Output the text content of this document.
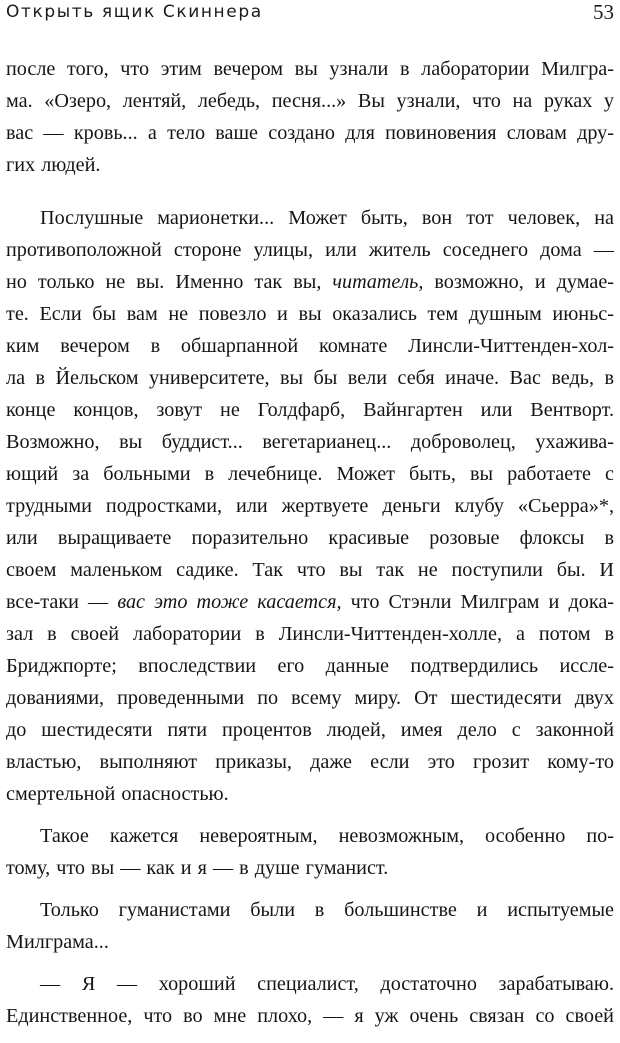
Открыть ящик Скиннера	53
после того, что этим вечером вы узнали в лаборатории Милгра-
ма. «Озеро, лентяй, лебедь, песня...» Вы узнали, что на руках у
вас — кровь... а тело ваше создано для повиновения словам дру-
гих людей.
Послушные марионетки... Может быть, вон тот человек, на
противоположной стороне улицы, или житель соседнего дома —
но только не вы. Именно так вы, чumameль, возможно, и думае-
те. Если бы вам не повезло и вы оказались тем душным июньс-
ким вечером в обшарпанной комнате Линсли-Читтенден-хол-
ла в Йельском университете, вы бы вели себя иначе. Вас ведь, в
конце концов, зовут не Голдфарб, Вайнгартен или Вентворт.
Возможно, вы буддист... вегетарианец... доброволец, ухажива-
ющий за больными в лечебнице. Может быть, вы работаете с
трудными подростками, или жертвуете деньги клубу «Сьерра»*,
или выращиваете поразительно красивые розовые флоксы в
своем маленьком садике. Так что вы так не поступили бы. И
все-таки — вас это тоже касается, что Стэнли Милграм и дока-
зал в своей лаборатории в Линсли-Читтенден-холле, а потом в
Бриджпорте; впоследствии его данные подтвердились иссле-
дованиями, проведенными по всему миру. От шестидесяти двух
до шестидесяти пяти процентов людей, имея дело с законной
властью, выполняют приказы, даже если это грозит кому-то
смертельной опасностью.
Такое кажется невероятным, невозможным, особенно по-
тому, что вы — как и я — в душе гуманист.
Только гуманистами были в большинстве и испытуемые
Милграма...
— Я — хороший специалист, достаточно зарабатываю.
Единственное, что во мне плохо, — я уж очень связан со своей
